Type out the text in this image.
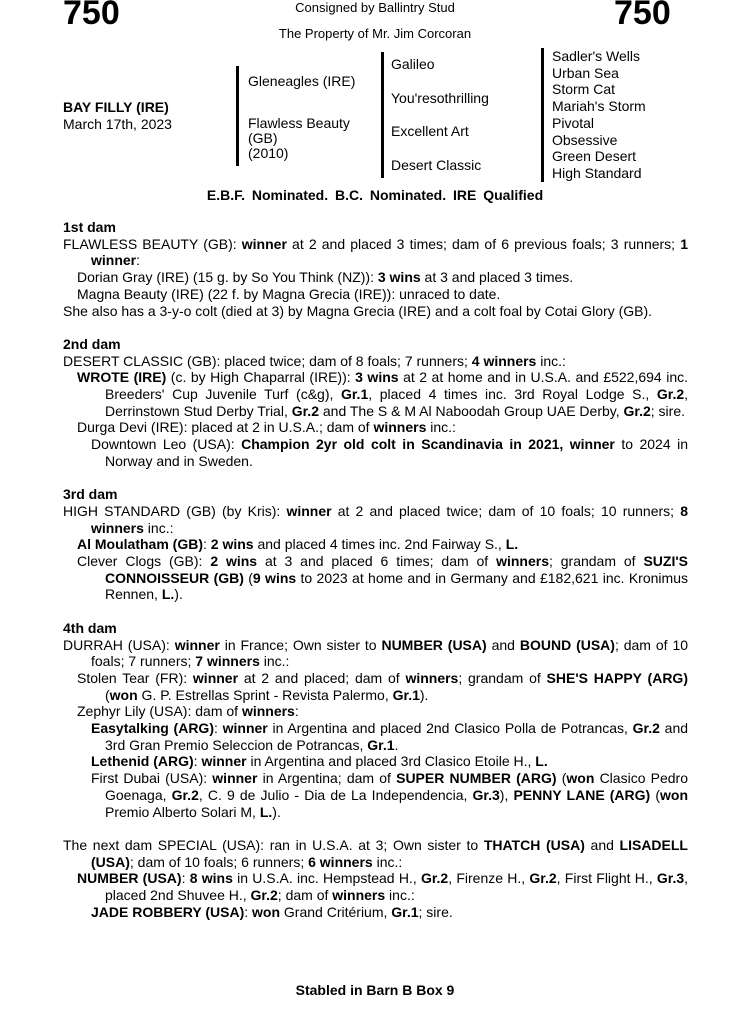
750	Consigned by Ballintry Stud
The Property of Mr. Jim Corcoran
750
BAY FILLY (IRE)
March 17th, 2023
Gleneagles (IRE)
Flawless Beauty
(GB)
(2010)
Galileo
You'resothrilling
Excellent Art
Desert Classic
Sadler's Wells
Urban Sea
Storm Cat
Mariah's Storm
Pivotal
Obsessive
Green Desert
High Standard
E.B.F. Nominated. B.C. Nominated. IRE Qualified
1st dam
FLAWLESS BEAUTY (GB): winner at 2 and placed 3 times; dam of 6 previous foals; 3 runners; 1 winner:
Dorian Gray (IRE) (15 g. by So You Think (NZ)): 3 wins at 3 and placed 3 times.
Magna Beauty (IRE) (22 f. by Magna Grecia (IRE)): unraced to date.
She also has a 3-y-o colt (died at 3) by Magna Grecia (IRE) and a colt foal by Cotai Glory (GB).
2nd dam
DESERT CLASSIC (GB): placed twice; dam of 8 foals; 7 runners; 4 winners inc.:
WROTE (IRE) (c. by High Chaparral (IRE)): 3 wins at 2 at home and in U.S.A. and £522,694 inc. Breeders' Cup Juvenile Turf (c&g), Gr.1, placed 4 times inc. 3rd Royal Lodge S., Gr.2, Derrinstown Stud Derby Trial, Gr.2 and The S & M Al Naboodah Group UAE Derby, Gr.2; sire.
Durga Devi (IRE): placed at 2 in U.S.A.; dam of winners inc.:
Downtown Leo (USA): Champion 2yr old colt in Scandinavia in 2021, winner to 2024 in Norway and in Sweden.
3rd dam
HIGH STANDARD (GB) (by Kris): winner at 2 and placed twice; dam of 10 foals; 10 runners; 8 winners inc.:
Al Moulatham (GB): 2 wins and placed 4 times inc. 2nd Fairway S., L.
Clever Clogs (GB): 2 wins at 3 and placed 6 times; dam of winners; grandam of SUZI'S CONNOISSEUR (GB) (9 wins to 2023 at home and in Germany and £182,621 inc. Kronimus Rennen, L.).
4th dam
DURRAH (USA): winner in France; Own sister to NUMBER (USA) and BOUND (USA); dam of 10 foals; 7 runners; 7 winners inc.:
Stolen Tear (FR): winner at 2 and placed; dam of winners; grandam of SHE'S HAPPY (ARG) (won G. P. Estrellas Sprint - Revista Palermo, Gr.1).
Zephyr Lily (USA): dam of winners:
Easytalking (ARG): winner in Argentina and placed 2nd Clasico Polla de Potrancas, Gr.2 and 3rd Gran Premio Seleccion de Potrancas, Gr.1.
Lethenid (ARG): winner in Argentina and placed 3rd Clasico Etoile H., L.
First Dubai (USA): winner in Argentina; dam of SUPER NUMBER (ARG) (won Clasico Pedro Goenaga, Gr.2, C. 9 de Julio - Dia de La Independencia, Gr.3), PENNY LANE (ARG) (won Premio Alberto Solari M, L.).
The next dam SPECIAL (USA): ran in U.S.A. at 3; Own sister to THATCH (USA) and LISADELL (USA); dam of 10 foals; 6 runners; 6 winners inc.:
NUMBER (USA): 8 wins in U.S.A. inc. Hempstead H., Gr.2, Firenze H., Gr.2, First Flight H., Gr.3, placed 2nd Shuvee H., Gr.2; dam of winners inc.:
JADE ROBBERY (USA): won Grand Critérium, Gr.1; sire.
Stabled in Barn B Box 9
